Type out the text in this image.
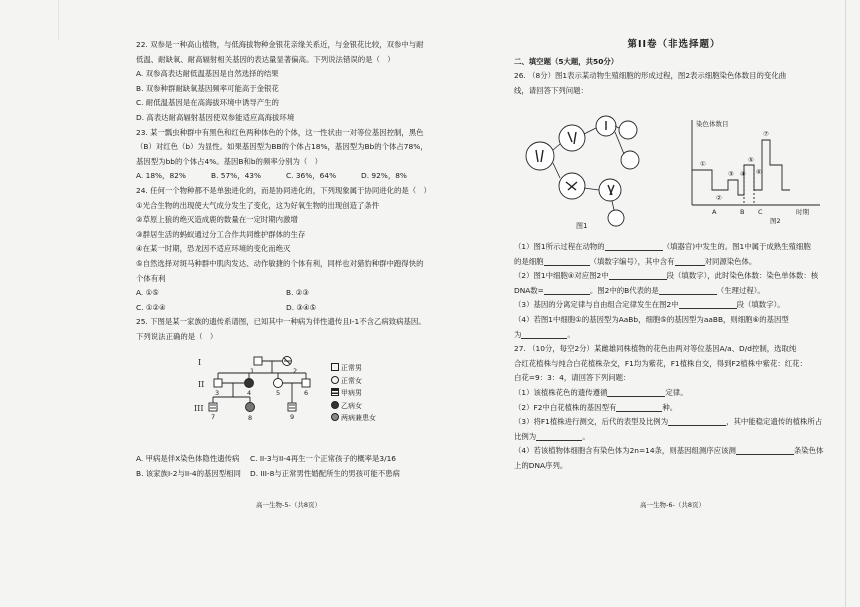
22. 双参是一种高山植物，与低海拔物种金银花亲缘关系近，与金银花比较，双参中与耐
低温、耐缺氧、耐高辐射相关基因的表达量显著偏高。下列说法错误的是（　）
A. 双参高表达耐低温基因是自然选择的结果
B. 双参种群耐缺氧基因频率可能高于金银花
C. 耐低温基因是在高海拔环境中诱导产生的
D. 高表达耐高辐射基因使双参能适应高海拔环境
23. 某一瓢虫种群中有黑色和红色两种体色的个体，这一性状由一对等位基因控制，黑色
（B）对红色（b）为显性。如果基因型为BB的个体占18%，基因型为Bb的个体占78%，
基因型为bb的个体占4%。基因B和b的频率分别为（　）
A. 18%，82%	B. 57%，43%	C. 36%，64%	D. 92%，8%
24. 任何一个物种都不是单独进化的，而是协同进化的，下列现象属于协同进化的是（　）
①光合生物的出现使大气成分发生了变化，这为好氧生物的出现创造了条件
②草原上狼的绝灭造成鹿的数量在一定时期内激增
③群居生活的蚂蚁通过分工合作共同维护群体的生存
④在某一时期，恐龙因不适应环境的变化而绝灭
⑤自然选择对斑马种群中肌肉发达、动作敏捷的个体有利，同样也对猎豹种群中跑得快的
个体有利
A. ①⑤	B. ②③
C. ①②④	D. ③④⑤
25. 下图是某一家族的遗传系谱图，已知其中一种病为伴性遗传且I-1不含乙病致病基因。
下列说法正确的是（　）
I
II
III
1	2
3	4	5	6
7	8	9
正常男
正常女
甲病男
乙病女
两病兼患女
A. 甲病是伴X染色体隐性遗传病	C. II-3与II-4再生一个正常孩子的概率是3/16
B. 该家族I-2与II-4的基因型相同	D. III-8与正常男性婚配所生的男孩可能不患病
高一生物-5-（共8页）
第II卷（非选择题）
二、填空题（5大题，共50分）
26. （8分）图1表示某动物生殖细胞的形成过程，图2表示细胞染色体数目的变化曲
线，请回答下列问题：
图1
染色体数目
时期
①
②
③ ④
⑤
⑥
⑦
A	B C
图2
（1）图1所示过程在动物的	（填器官)中发生的。图1中属于成熟生殖细胞
的是细胞	（填数字编号），其中含有	对同源染色体。
（2）图1中细胞④对应图2中	段（填数字），此时染色体数：染色单体数：核
DNA数=	。图2中的B代表的是	（生理过程）。
（3）基因的分离定律与自由组合定律发生在图2中	段（填数字）。
（4）若图1中细胞①的基因型为AaBb，细胞⑤的基因型为aaBB，则细胞⑥的基因型
为	。
27. （10分，每空2分）某雌雄同株植物的花色由两对等位基因A/a、D/d控制，选取纯
合红花植株与纯合白花植株杂交，F1均为紫花，F1植株自交，得到F2植株中紫花：红花：
白花=9：3：4，请回答下列问题：
（1）该植株花色的遗传遵循	定律。
（2）F2中白花植株的基因型有	种。
（3）将F1植株进行测交，后代的表型及比例为	，其中能稳定遗传的植株所占
比例为	。
（4）若该植物体细胞含有染色体为2n=14条，则基因组测序应该测	条染色体
上的DNA序列。
高一生物-6-（共8页）
